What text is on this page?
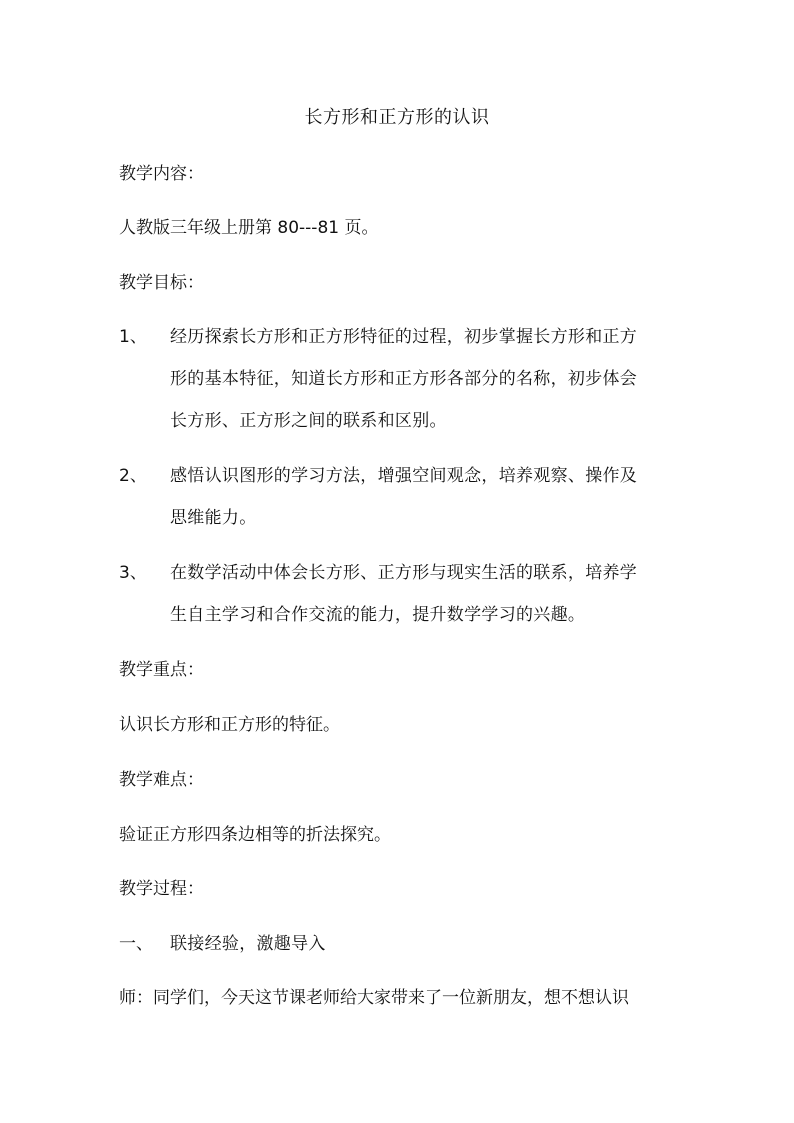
长方形和正方形的认识
教学内容：
人教版三年级上册第 80---81 页。
教学目标：
1、 经历探索长方形和正方形特征的过程，初步掌握长方形和正方
形的基本特征，知道长方形和正方形各部分的名称，初步体会
长方形、正方形之间的联系和区别。
2、 感悟认识图形的学习方法，增强空间观念，培养观察、操作及
思维能力。
3、 在数学活动中体会长方形、正方形与现实生活的联系，培养学
生自主学习和合作交流的能力，提升数学学习的兴趣。
教学重点：
认识长方形和正方形的特征。
教学难点：
验证正方形四条边相等的折法探究。
教学过程：
一、 联接经验，激趣导入
师：同学们，今天这节课老师给大家带来了一位新朋友，想不想认识
